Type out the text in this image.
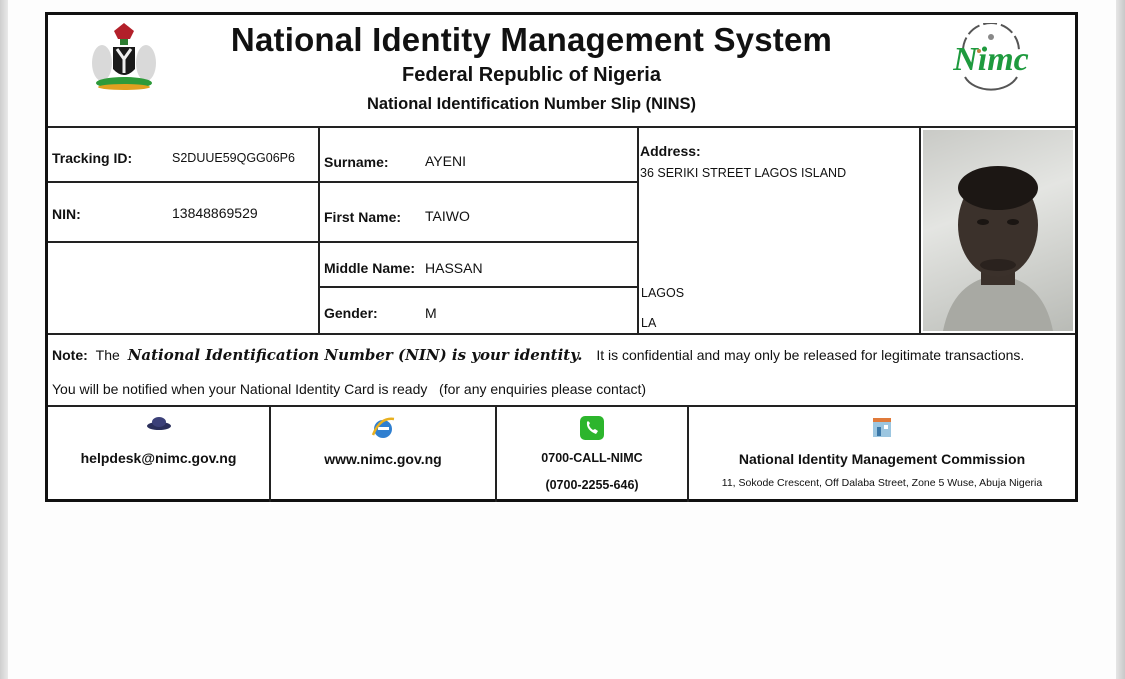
National Identity Management System
Federal Republic of Nigeria
National Identification Number Slip (NINS)
Nimc
Tracking ID:	S2DUUE59QGG06P6
NIN:	13848869529
Surname:	AYENI
First Name: TAIWO
Middle Name: HASSAN
Gender:	M
Address:
36 SERIKI STREET LAGOS ISLAND
LAGOS
LA
Note: The National Identification Number (NIN) is your identity. It is confidential and may only be released for legitimate transactions.
You will be notified when your National Identity Card is ready   (for any enquiries please contact)
helpdesk@nimc.gov.ng	www.nimc.gov.ng	0700-CALL-NIMC
(0700-2255-646)
National Identity Management Commission
11, Sokode Crescent, Off Dalaba Street, Zone 5 Wuse, Abuja Nigeria
